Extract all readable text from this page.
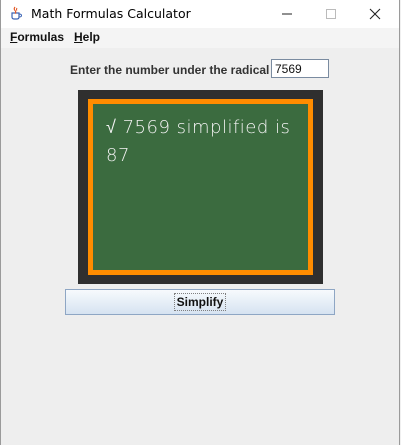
Math Formulas Calculator
Formulas Help
Enter the number under the radical
7569
√ 7569 simplified is
87
Simplify
